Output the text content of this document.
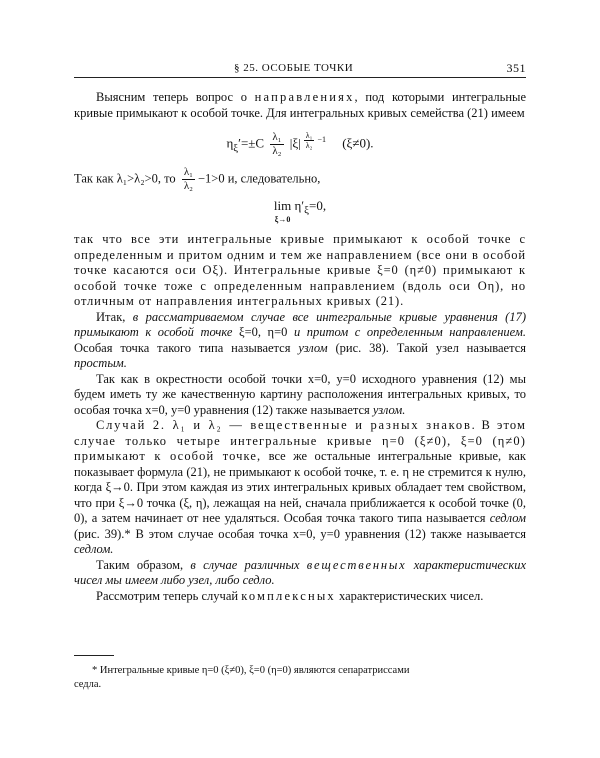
§ 25. ОСОБЫЕ ТОЧКИ	351

Выясним теперь вопрос о направлениях, под которыми интегральные кривые примыкают к особой точке. Для интегральных кривых семейства (21) имеем

$\eta_\xi'=\pm C \frac{\text{λ₁}}{\text{λ₂}} |\xi|$ $^{\frac{\text{λ₁}}{\text{λ₂}} -1}$ (ξ≠0).

Так как λ₁>λ₂>0, то $\frac{\text{λ₁}}{\text{λ₂}} -1>0$ и, следовательно,

lim
ξ→0
$\eta'_\xi=0$,

так что все эти интегральные кривые примыкают к особой точке с определенным и притом одним и тем же направлением (все они в особой точке касаются оси Oξ). Интегральные кривые ξ=0 (η≠0) примыкают к особой точке тоже с определенным направлением (вдоль оси Oη), но отличным от направления интегральных кривых (21).

Итак, в рассматриваемом случае все интегральные кривые уравнения (17) примыкают к особой точке ξ=0, η=0 и притом с определенным направлением. Особая точка такого типа называется узлом (рис. 38). Такой узел называется простым.

Так как в окрестности особой точки x=0, y=0 исходного уравнения (12) мы будем иметь ту же качественную картину расположения интегральных кривых, то особая точка x=0, y=0 уравнения (12) также называется узлом.

Случай 2. λ₁ и λ₂ — вещественные и разных знаков. В этом случае только четыре интегральные кривые η=0 (ξ≠0), ξ=0 (η≠0) примыкают к особой точке, все же остальные интегральные кривые, как показывает формула (21), не примыкают к особой точке, т. е. η не стремится к нулю, когда ξ→0. При этом каждая из этих интегральных кривых обладает тем свойством, что при ξ→0 точка (ξ, η), лежащая на ней, сначала приближается к особой точке (0, 0), а затем начинает от нее удаляться. Особая точка такого типа называется седлом (рис. 39).* В этом случае особая точка x=0, y=0 уравнения (12) также называется седлом.

Таким образом, в случае различных вещественных характеристических чисел мы имеем либо узел, либо седло.

Рассмотрим теперь случай комплексных характеристических чисел.

* Интегральные кривые η=0 (ξ≠0), ξ=0 (η=0) являются сепаратриссами
седла.
